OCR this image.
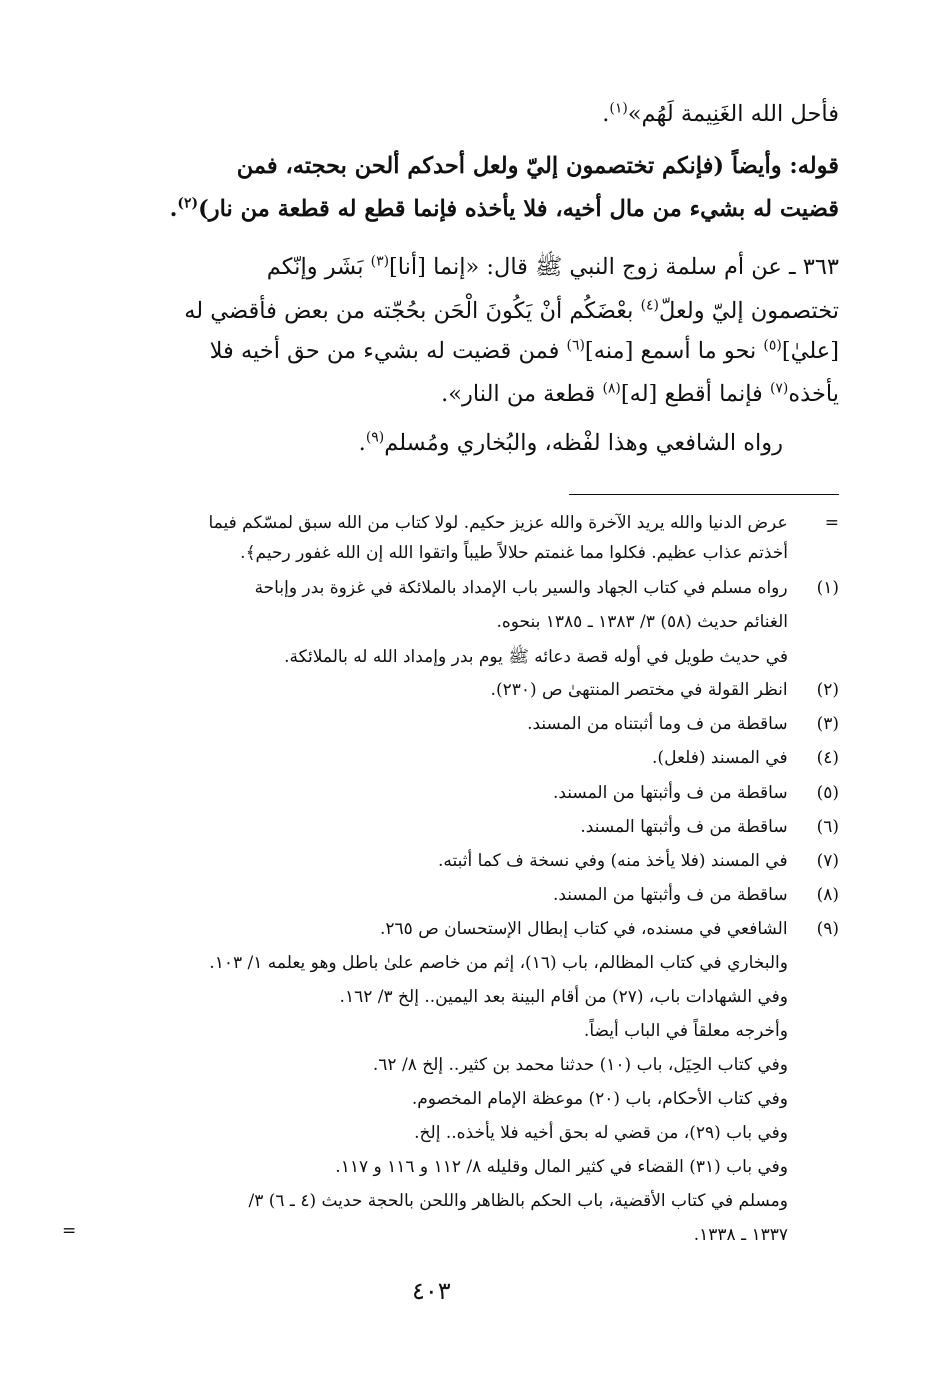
فأحل الله الغَنِيمة لَهُم»$^{(١)}$.
قوله: وأيضاً (فإنكم تختصمون إليّ ولعل أحدكم ألحن بحجته، فمن
قضيت له بشيء من مال أخيه، فلا يأخذه فإنما قطع له قطعة من نار)$^{(٢)}$.
٣٦٣ ـ عن أم سلمة زوج النبي ﷺ قال: «إنما [أنا]$^{(٣)}$ بَشَر وإنّكم
تختصمون إليّ ولعلّ$^{(٤)}$ بعْضَكُم أنْ يَكُونَ الْحَن بحُجّته من بعض فأقضي له
[عليٰ]$^{(٥)}$ نحو ما أسمع [منه]$^{(٦)}$ فمن قضيت له بشيء من حق أخيه فلا
يأخذه$^{(٧)}$ فإنما أقطع [له]$^{(٨)}$ قطعة من النار».
رواه الشافعي وهذا لفْظه، والبُخاري ومُسلم$^{(٩)}$.
= عرض الدنيا والله يريد الآخرة والله عزيز حكيم. لولا كتاب من الله سبق لمسّكم فيما
أخذتم عذاب عظيم. فكلوا مما غنمتم حلالاً طيباً واتقوا الله إن الله غفور رحيم﴾.
(١) رواه مسلم في كتاب الجهاد والسير باب الإمداد بالملائكة في غزوة بدر وإباحة
الغنائم حديث (٥٨) ٣/ ١٣٨٣ ـ ١٣٨٥ بنحوه.
في حديث طويل في أوله قصة دعائه ﷺ يوم بدر وإمداد الله له بالملائكة.
(٢) انظر القولة في مختصر المنتهىٰ ص (٢٣٠).
(٣) ساقطة من ف وما أثبتناه من المسند.
(٤) في المسند (فلعل).
(٥) ساقطة من ف وأثبتها من المسند.
(٦) ساقطة من ف وأثبتها المسند.
(٧) في المسند (فلا يأخذ منه) وفي نسخة ف كما أثبته.
(٨) ساقطة من ف وأثبتها من المسند.
(٩) الشافعي في مسنده، في كتاب إبطال الإستحسان ص ٢٦٥.
والبخاري في كتاب المظالم، باب (١٦)، إثم من خاصم علىٰ باطل وهو يعلمه ١/ ١٠٣.
وفي الشهادات باب، (٢٧) من أقام البينة بعد اليمين.. إلخ ٣/ ١٦٢.
وأخرجه معلقاً في الباب أيضاً.
وفي كتاب الحِيَل، باب (١٠) حدثنا محمد بن كثير.. إلخ ٨/ ٦٢.
وفي كتاب الأحكام، باب (٢٠) موعظة الإمام المخصوم.
وفي باب (٢٩)، من قضي له بحق أخيه فلا يأخذه.. إلخ.
وفي باب (٣١) القضاء في كثير المال وقليله ٨/ ١١٢ و ١١٦ و ١١٧.
ومسلم في كتاب الأقضية، باب الحكم بالظاهر واللحن بالحجة حديث (٤ ـ ٦) ٣/
١٣٣٧ ـ ١٣٣٨.
=
٤٠٣
